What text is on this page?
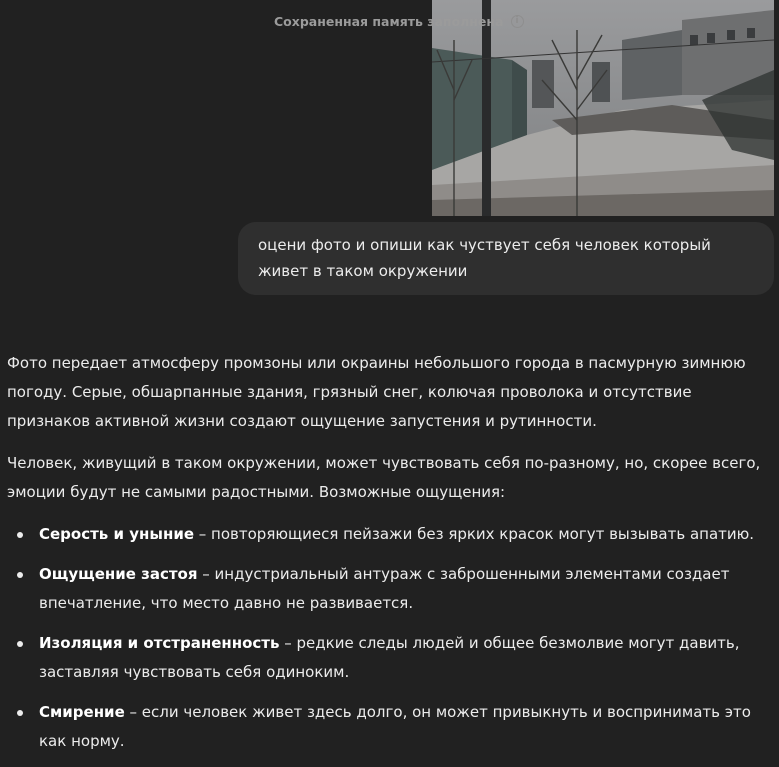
Сохраненная память заполнена	i
оцени фото и опиши как чуствует себя человек который живет в таком окружении

Фото передает атмосферу промзоны или окраины небольшого города в пасмурную зимнюю погоду. Серые, обшарпанные здания, грязный снег, колючая проволока и отсутствие признаков активной жизни создают ощущение запустения и рутинности.

Человек, живущий в таком окружении, может чувствовать себя по-разному, но, скорее всего, эмоции будут не самыми радостными. Возможные ощущения:

Серость и уныние – повторяющиеся пейзажи без ярких красок могут вызывать апатию.
Ощущение застоя – индустриальный антураж с заброшенными элементами создает впечатление, что место давно не развивается.
Изоляция и отстраненность – редкие следы людей и общее безмолвие могут давить, заставляя чувствовать себя одиноким.
Смирение – если человек живет здесь долго, он может привыкнуть и воспринимать это как норму.
